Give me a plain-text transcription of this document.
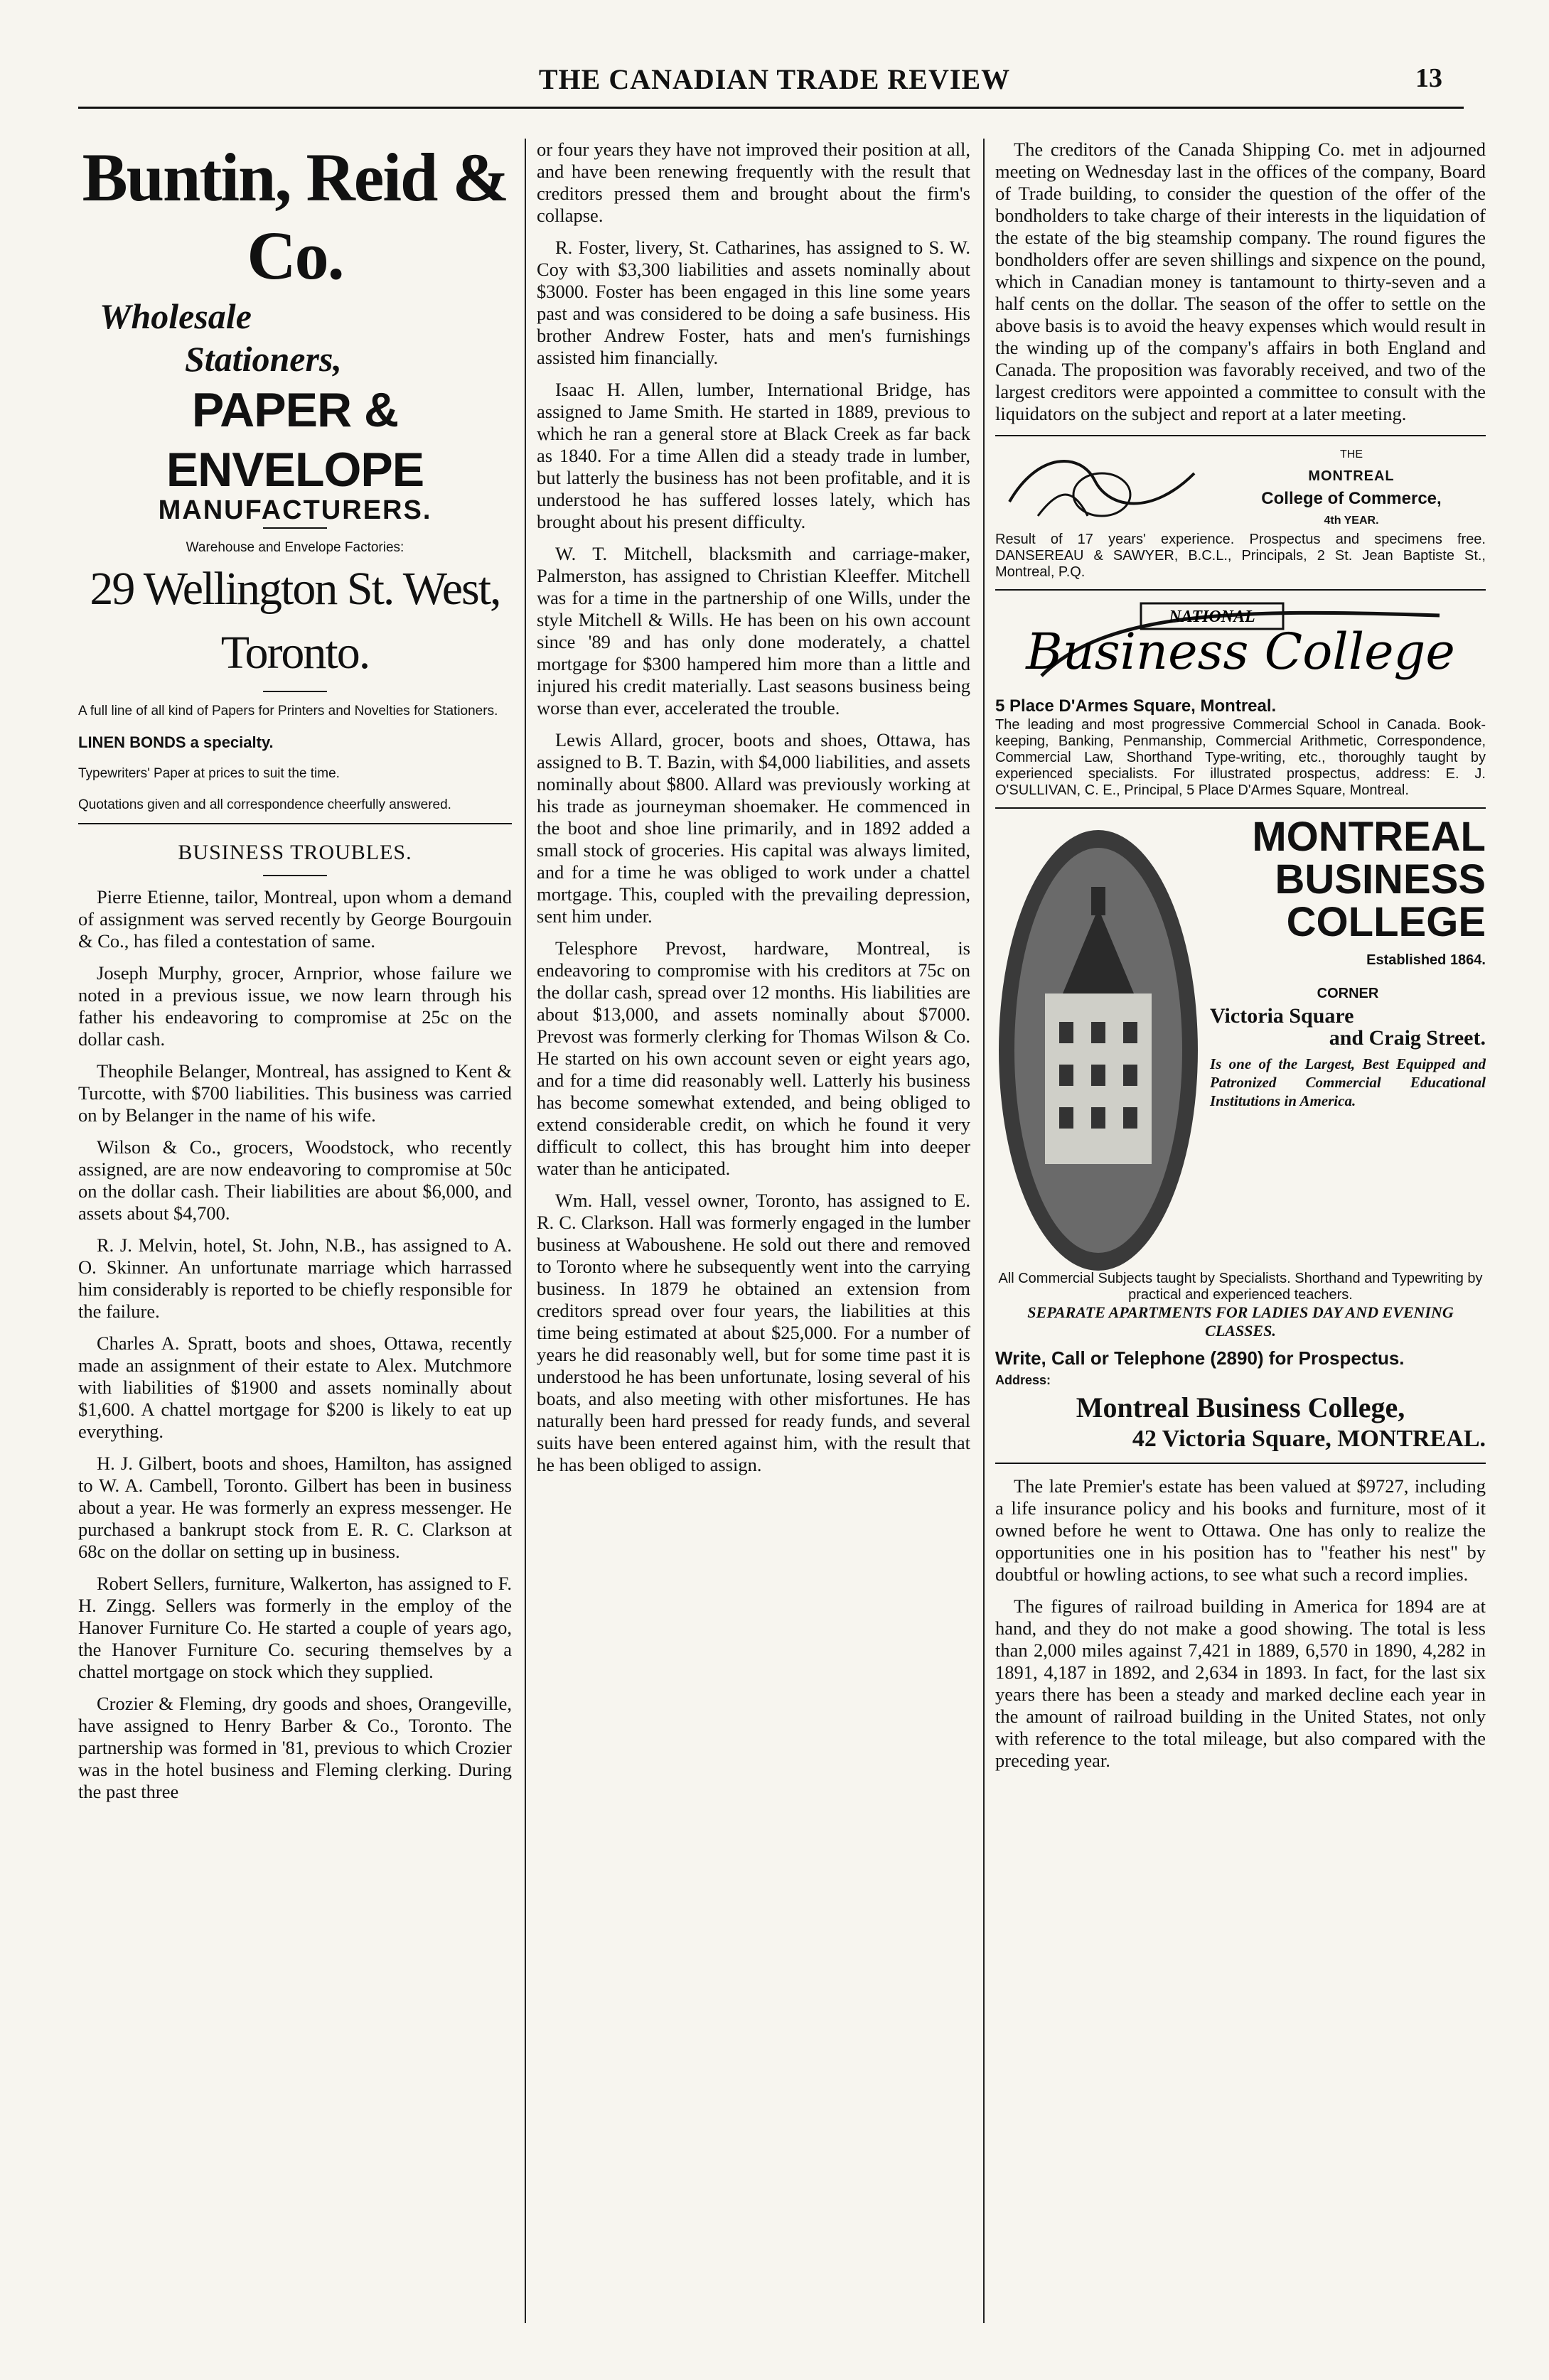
THE CANADIAN TRADE REVIEW	13
Buntin, Reid & Co.
Wholesale
Stationers,
PAPER & ENVELOPE
MANUFACTURERS.
Warehouse and Envelope Factories:
29 Wellington St. West, Toronto.
A full line of all kind of Papers for Printers and Novelties for Stationers.
LINEN BONDS a specialty.
Typewriters' Paper at prices to suit the time.
Quotations given and all correspondence cheerfully answered.
BUSINESS TROUBLES.

Pierre Etienne, tailor, Montreal, upon whom a demand of assignment was served recently by George Bourgouin & Co., has filed a contestation of same.

Joseph Murphy, grocer, Arnprior, whose failure we noted in a previous issue, we now learn through his father his endeavoring to compromise at 25c on the dollar cash.

Theophile Belanger, Montreal, has assigned to Kent & Turcotte, with $700 liabilities. This business was carried on by Belanger in the name of his wife.

Wilson & Co., grocers, Woodstock, who recently assigned, are are now endeavoring to compromise at 50c on the dollar cash. Their liabilities are about $6,000, and assets about $4,700.

R. J. Melvin, hotel, St. John, N.B., has assigned to A. O. Skinner. An unfortunate marriage which harrassed him considerably is reported to be chiefly responsible for the failure.

Charles A. Spratt, boots and shoes, Ottawa, recently made an assignment of their estate to Alex. Mutchmore with liabilities of $1900 and assets nominally about $1,600. A chattel mortgage for $200 is likely to eat up everything.

H. J. Gilbert, boots and shoes, Hamilton, has assigned to W. A. Cambell, Toronto. Gilbert has been in business about a year. He was formerly an express messenger. He purchased a bankrupt stock from E. R. C. Clarkson at 68c on the dollar on setting up in business.

Robert Sellers, furniture, Walkerton, has assigned to F. H. Zingg. Sellers was formerly in the employ of the Hanover Furniture Co. He started a couple of years ago, the Hanover Furniture Co. securing themselves by a chattel mortgage on stock which they supplied.

Crozier & Fleming, dry goods and shoes, Orangeville, have assigned to Henry Barber & Co., Toronto. The partnership was formed in '81, previous to which Crozier was in the hotel business and Fleming clerking. During the past three

or four years they have not improved their position at all, and have been renewing frequently with the result that creditors pressed them and brought about the firm's collapse.

R. Foster, livery, St. Catharines, has assigned to S. W. Coy with $3,300 liabilities and assets nominally about $3000. Foster has been engaged in this line some years past and was considered to be doing a safe business. His brother Andrew Foster, hats and men's furnishings assisted him financially.

Isaac H. Allen, lumber, International Bridge, has assigned to Jame Smith. He started in 1889, previous to which he ran a general store at Black Creek as far back as 1840. For a time Allen did a steady trade in lumber, but latterly the business has not been profitable, and it is understood he has suffered losses lately, which has brought about his present difficulty.

W. T. Mitchell, blacksmith and carriage-maker, Palmerston, has assigned to Christian Kleeffer. Mitchell was for a time in the partnership of one Wills, under the style Mitchell & Wills. He has been on his own account since '89 and has only done moderately, a chattel mortgage for $300 hampered him more than a little and injured his credit materially. Last seasons business being worse than ever, accelerated the trouble.

Lewis Allard, grocer, boots and shoes, Ottawa, has assigned to B. T. Bazin, with $4,000 liabilities, and assets nominally about $800. Allard was previously working at his trade as journeyman shoemaker. He commenced in the boot and shoe line primarily, and in 1892 added a small stock of groceries. His capital was always limited, and for a time he was obliged to work under a chattel mortgage. This, coupled with the prevailing depression, sent him under.

Telesphore Prevost, hardware, Montreal, is endeavoring to compromise with his creditors at 75c on the dollar cash, spread over 12 months. His liabilities are about $13,000, and assets nominally about $7000. Prevost was formerly clerking for Thomas Wilson & Co. He started on his own account seven or eight years ago, and for a time did reasonably well. Latterly his business has become somewhat extended, and being obliged to extend considerable credit, on which he found it very difficult to collect, this has brought him into deeper water than he anticipated.

Wm. Hall, vessel owner, Toronto, has assigned to E. R. C. Clarkson. Hall was formerly engaged in the lumber business at Waboushene. He sold out there and removed to Toronto where he subsequently went into the carrying business. In 1879 he obtained an extension from creditors spread over four years, the liabilities at this time being estimated at about $25,000. For a number of years he did reasonably well, but for some time past it is understood he has been unfortunate, losing several of his boats, and also meeting with other misfortunes. He has naturally been hard pressed for ready funds, and several suits have been entered against him, with the result that he has been obliged to assign.

The creditors of the Canada Shipping Co. met in adjourned meeting on Wednesday last in the offices of the company, Board of Trade building, to consider the question of the offer of the bondholders to take charge of their interests in the liquidation of the estate of the big steamship company. The round figures the bondholders offer are seven shillings and sixpence on the pound, which in Canadian money is tantamount to thirty-seven and a half cents on the dollar. The season of the offer to settle on the above basis is to avoid the heavy expenses which would result in the winding up of the company's affairs in both England and Canada. The proposition was favorably received, and two of the largest creditors were appointed a committee to consult with the liquidators on the subject and report at a later meeting.

THE
MONTREAL
College of Commerce,
4th YEAR.
Result of 17 years' experience. Prospectus and specimens free. DANSEREAU & SAWYER, B.C.L., Principals, 2 St. Jean Baptiste St., Montreal, P.Q.
NATIONAL
Business College
5 Place D'Armes Square, Montreal.
The leading and most progressive Commercial School in Canada. Book-keeping, Banking, Penmanship, Commercial Arithmetic, Correspondence, Commercial Law, Shorthand Type-writing, etc., thoroughly taught by experienced specialists. For illustrated prospectus, address: E. J. O'SULLIVAN, C. E., Principal, 5 Place D'Armes Square, Montreal.
MONTREAL
BUSINESS
COLLEGE
Established 1864.
CORNER
Victoria Square
and Craig Street.
Is one of the Largest, Best Equipped and Patronized Commercial Educational Institutions in America.
All Commercial Subjects taught by Specialists. Shorthand and Typewriting by practical and experienced teachers.
SEPARATE APARTMENTS FOR LADIES DAY AND EVENING CLASSES.
Write, Call or Telephone (2890) for Prospectus.
Address:
Montreal Business College,
42 Victoria Square, MONTREAL.

The late Premier's estate has been valued at $9727, including a life insurance policy and his books and furniture, most of it owned before he went to Ottawa. One has only to realize the opportunities one in his position has to "feather his nest" by doubtful or howling actions, to see what such a record implies.

The figures of railroad building in America for 1894 are at hand, and they do not make a good showing. The total is less than 2,000 miles against 7,421 in 1889, 6,570 in 1890, 4,282 in 1891, 4,187 in 1892, and 2,634 in 1893. In fact, for the last six years there has been a steady and marked decline each year in the amount of railroad building in the United States, not only with reference to the total mileage, but also compared with the preceding year.
